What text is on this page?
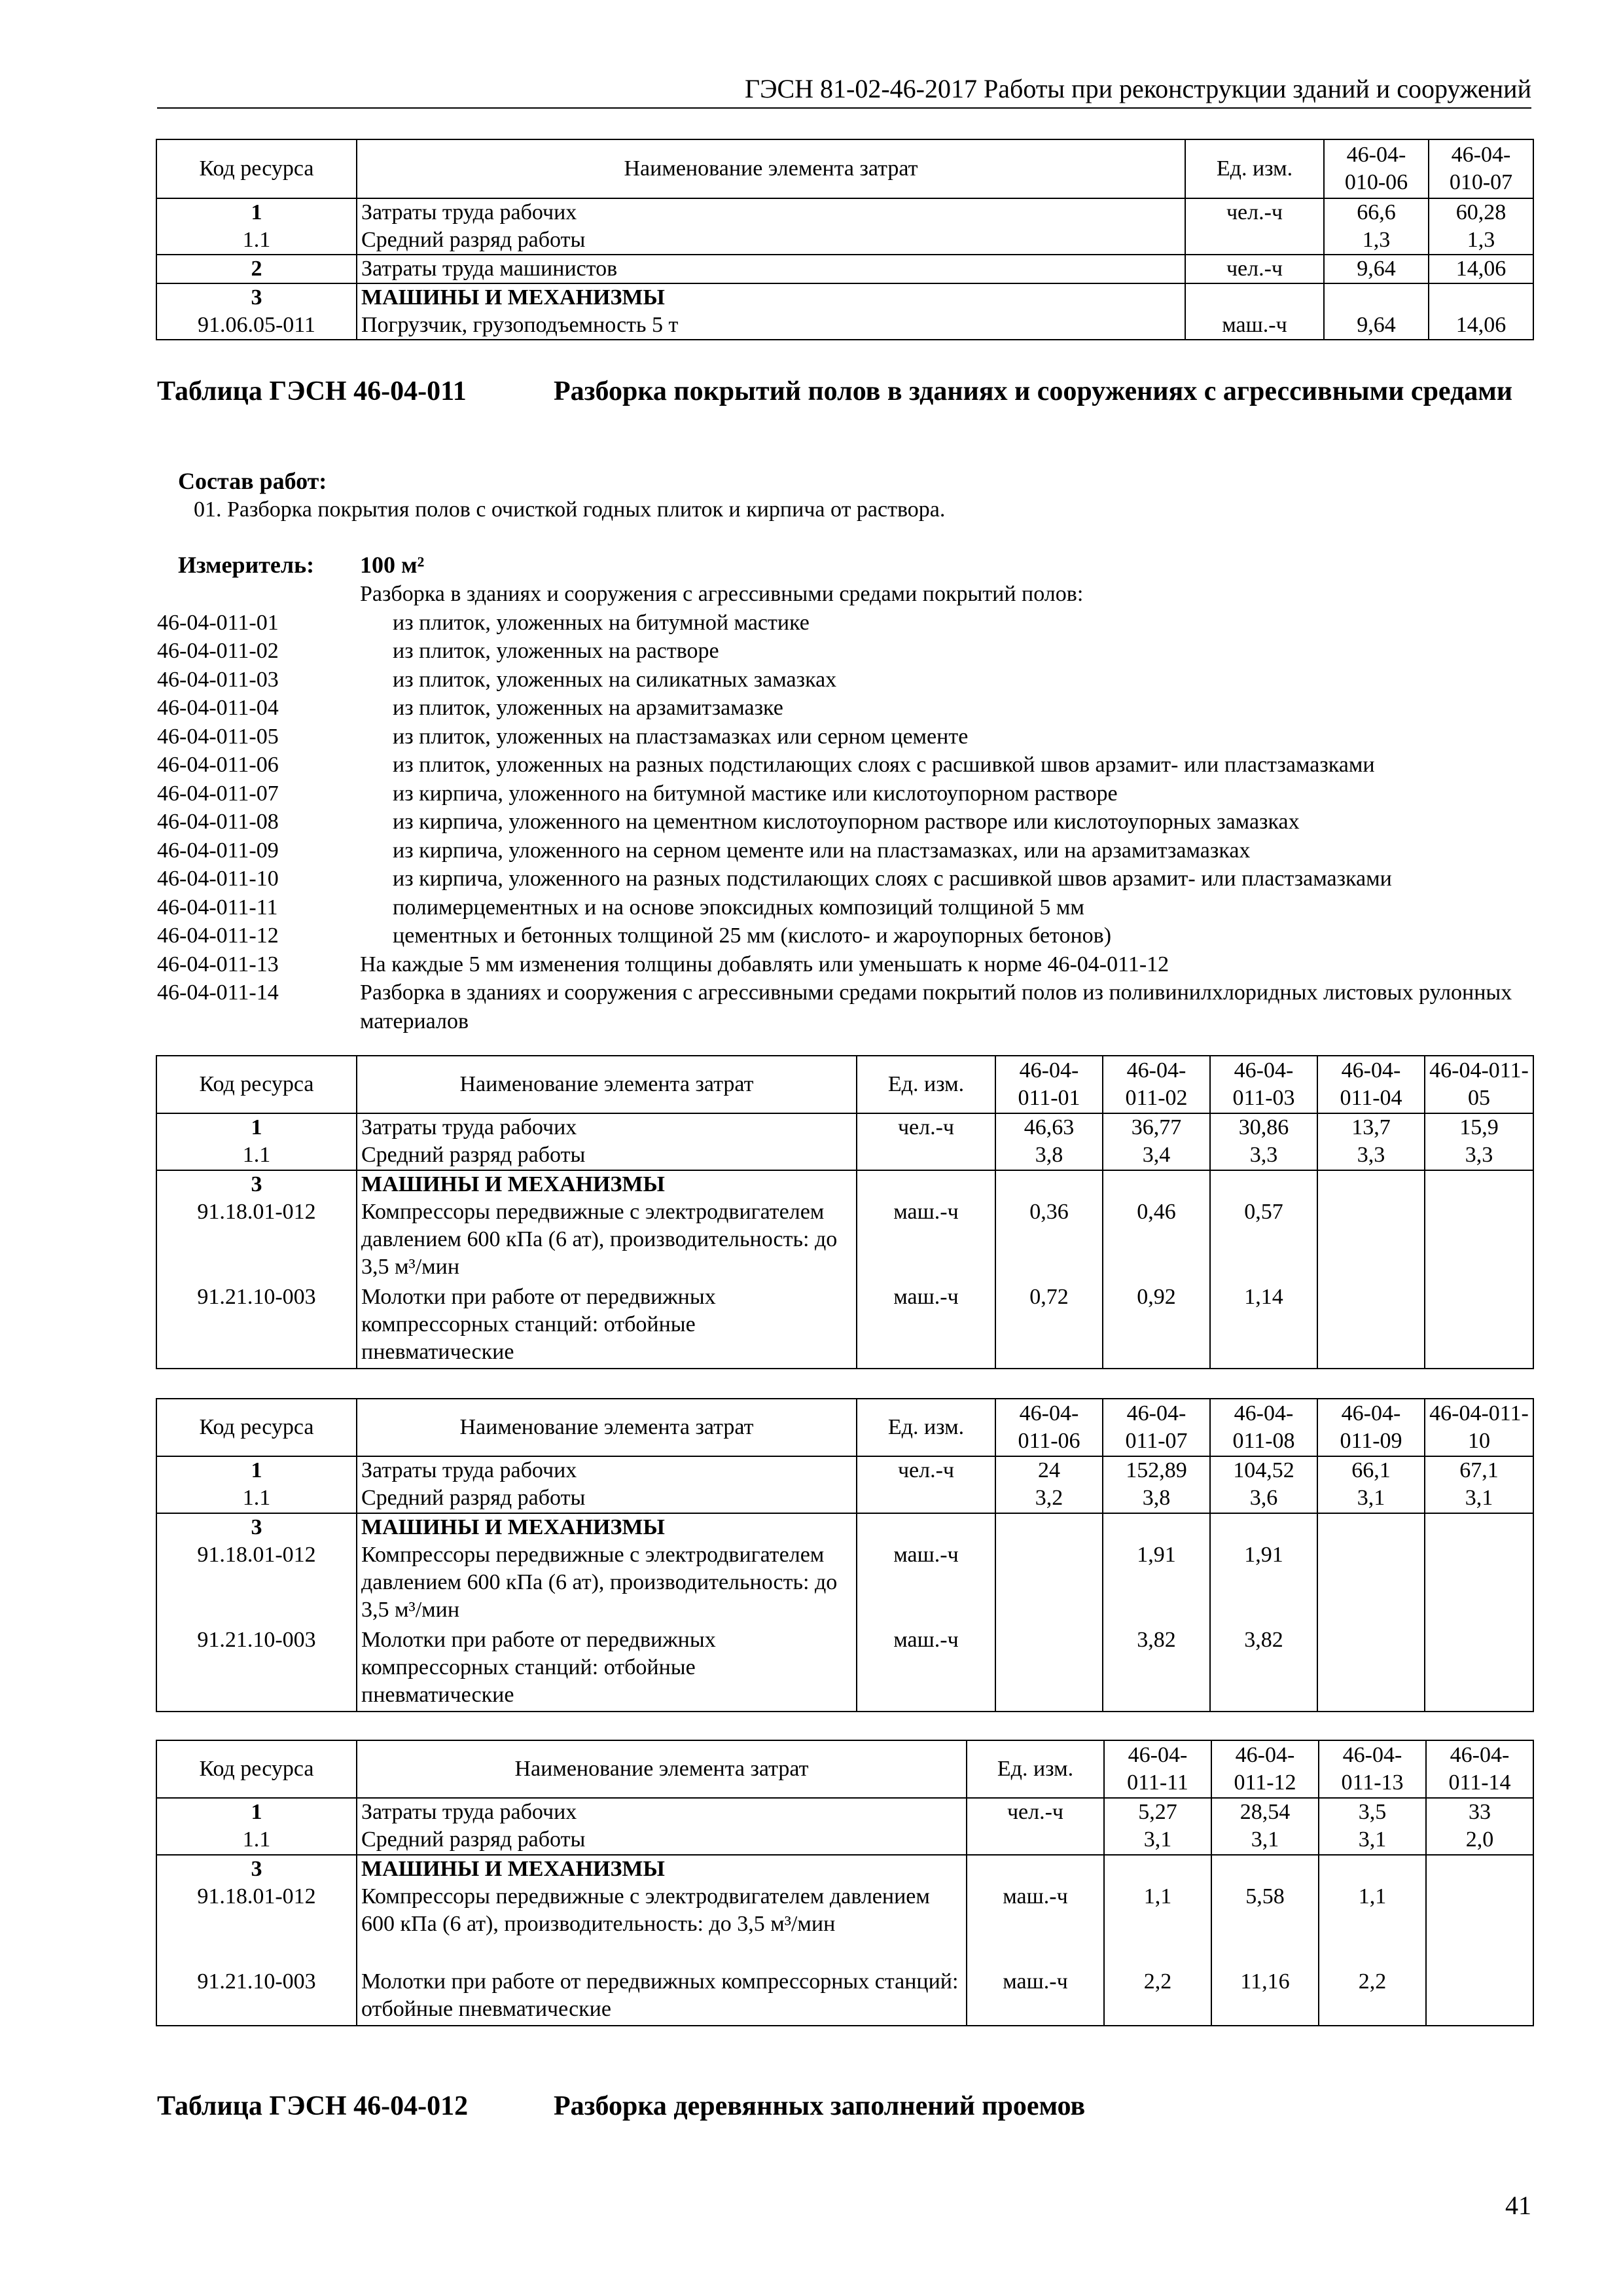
ГЭСН 81-02-46-2017 Работы при реконструкции зданий и сооружений
Код ресурса	Наименование элемента затрат	Ед. изм.	46-04-010-06	46-04-010-07
1	Затраты труда рабочих	чел.-ч	66,6	60,28
1.1	Средний разряд работы		1,3	1,3
2	Затраты труда машинистов	чел.-ч	9,64	14,06
3	МАШИНЫ И МЕХАНИЗМЫ			
91.06.05-011	Погрузчик, грузоподъемность 5 т	маш.-ч	9,64	14,06
Таблица ГЭСН 46-04-011	Разборка покрытий полов в зданиях и сооружениях с агрессивными средами
Состав работ:
01. Разборка покрытия полов с очисткой годных плиток и кирпича от раствора.
Измеритель: 100 м²
Разборка в зданиях и сооружения с агрессивными средами покрытий полов:
46-04-011-01	из плиток, уложенных на битумной мастике
46-04-011-02	из плиток, уложенных на растворе
46-04-011-03	из плиток, уложенных на силикатных замазках
46-04-011-04	из плиток, уложенных на арзамитзамазке
46-04-011-05	из плиток, уложенных на пластзамазках или серном цементе
46-04-011-06	из плиток, уложенных на разных подстилающих слоях с расшивкой швов арзамит- или пластзамазками
46-04-011-07	из кирпича, уложенного на битумной мастике или кислотоупорном растворе
46-04-011-08	из кирпича, уложенного на цементном кислотоупорном растворе или кислотоупорных замазках
46-04-011-09	из кирпича, уложенного на серном цементе или на пластзамазках, или на арзамитзамазках
46-04-011-10	из кирпича, уложенного на разных подстилающих слоях с расшивкой швов арзамит- или пластзамазками
46-04-011-11	полимерцементных и на основе эпоксидных композиций толщиной 5 мм
46-04-011-12	цементных и бетонных толщиной 25 мм (кислото- и жароупорных бетонов)
46-04-011-13	На каждые 5 мм изменения толщины добавлять или уменьшать к норме 46-04-011-12
46-04-011-14	Разборка в зданиях и сооружения с агрессивными средами покрытий полов из поливинилхлоридных листовых рулонных материалов
Код ресурса	Наименование элемента затрат	Ед. изм.	46-04-011-01	46-04-011-02	46-04-011-03	46-04-011-04	46-04-011-05
1	Затраты труда рабочих	чел.-ч	46,63	36,77	30,86	13,7	15,9
1.1	Средний разряд работы		3,8	3,4	3,3	3,3	3,3
3	МАШИНЫ И МЕХАНИЗМЫ						
91.18.01-012	Компрессоры передвижные с электродвигателем давлением 600 кПа (6 ат), производительность: до 3,5 м³/мин	маш.-ч	0,36	0,46	0,57		
91.21.10-003	Молотки при работе от передвижных компрессорных станций: отбойные пневматические	маш.-ч	0,72	0,92	1,14		
Код ресурса	Наименование элемента затрат	Ед. изм.	46-04-011-06	46-04-011-07	46-04-011-08	46-04-011-09	46-04-011-10
1	Затраты труда рабочих	чел.-ч	24	152,89	104,52	66,1	67,1
1.1	Средний разряд работы		3,2	3,8	3,6	3,1	3,1
3	МАШИНЫ И МЕХАНИЗМЫ						
91.18.01-012	Компрессоры передвижные с электродвигателем давлением 600 кПа (6 ат), производительность: до 3,5 м³/мин	маш.-ч		1,91	1,91		
91.21.10-003	Молотки при работе от передвижных компрессорных станций: отбойные пневматические	маш.-ч		3,82	3,82		
Код ресурса	Наименование элемента затрат	Ед. изм.	46-04-011-11	46-04-011-12	46-04-011-13	46-04-011-14
1	Затраты труда рабочих	чел.-ч	5,27	28,54	3,5	33
1.1	Средний разряд работы		3,1	3,1	3,1	2,0
3	МАШИНЫ И МЕХАНИЗМЫ					
91.18.01-012	Компрессоры передвижные с электродвигателем давлением 600 кПа (6 ат), производительность: до 3,5 м³/мин	маш.-ч	1,1	5,58	1,1	
91.21.10-003	Молотки при работе от передвижных компрессорных станций: отбойные пневматические	маш.-ч	2,2	11,16	2,2	
Таблица ГЭСН 46-04-012	Разборка деревянных заполнений проемов
41
